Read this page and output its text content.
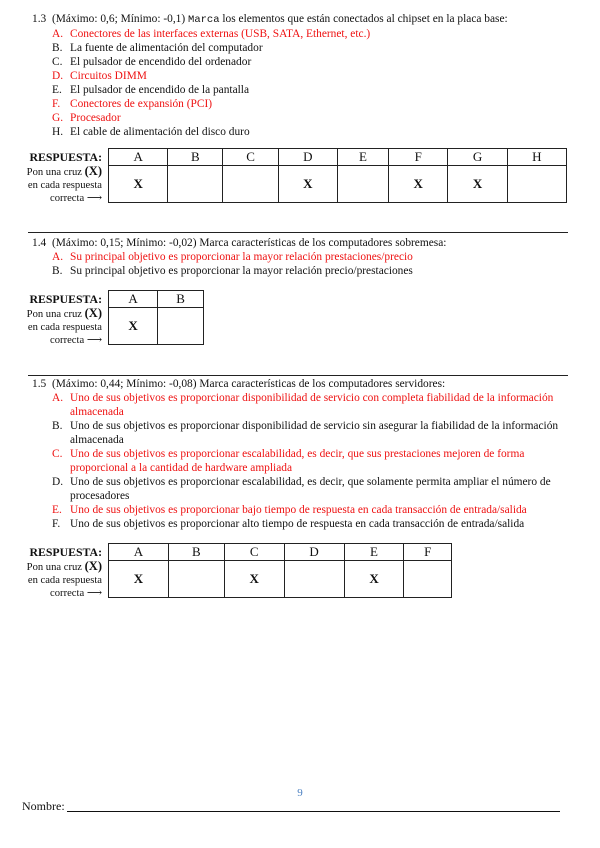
1.3 (Máximo: 0,6; Mínimo: -0,1) Marca los elementos que están conectados al chipset en la placa base:

A. Conectores de las interfaces externas (USB, SATA, Ethernet, etc.)
B. La fuente de alimentación del computador
C. El pulsador de encendido del ordenador
D. Circuitos DIMM
E. El pulsador de encendido de la pantalla
F. Conectores de expansión (PCI)
G. Procesador
H. El cable de alimentación del disco duro
RESPUESTA:
Pon una cruz (X)
en cada respuesta
correcta ⟶
A	B	C	D	E	F	G	H
X			X		X	X	

1.4 (Máximo: 0,15; Mínimo: -0,02) Marca características de los computadores sobremesa:

A. Su principal objetivo es proporcionar la mayor relación prestaciones/precio
B. Su principal objetivo es proporcionar la mayor relación precio/prestaciones
RESPUESTA:
Pon una cruz (X)
en cada respuesta
correcta ⟶
A	B
X	

1.5 (Máximo: 0,44; Mínimo: -0,08) Marca características de los computadores servidores:

A. Uno de sus objetivos es proporcionar disponibilidad de servicio con completa fiabilidad de la información almacenada
B. Uno de sus objetivos es proporcionar disponibilidad de servicio sin asegurar la fiabilidad de la información almacenada
C. Uno de sus objetivos es proporcionar escalabilidad, es decir, que sus prestaciones mejoren de forma proporcional a la cantidad de hardware ampliada
D. Uno de sus objetivos es proporcionar escalabilidad, es decir, que solamente permita ampliar el número de procesadores
E. Uno de sus objetivos es proporcionar bajo tiempo de respuesta en cada transacción de entrada/salida
F. Uno de sus objetivos es proporcionar alto tiempo de respuesta en cada transacción de entrada/salida
RESPUESTA:
Pon una cruz (X)
en cada respuesta
correcta ⟶
A	B	C	D	E	F
X		X		X	
9
Nombre:
